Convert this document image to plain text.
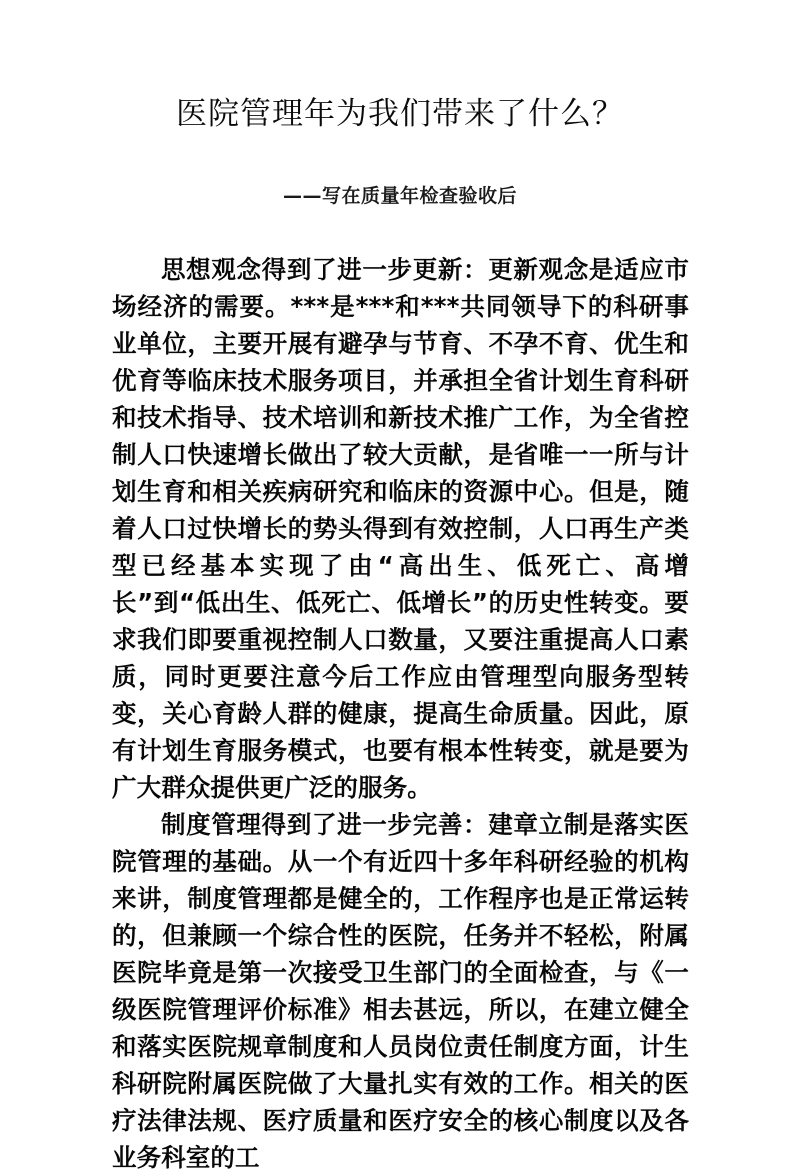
医院管理年为我们带来了什么？
——写在质量年检查验收后

思想观念得到了进一步更新：更新观念是适应市场经济的需要。***是***和***共同领导下的科研事业单位，主要开展有避孕与节育、不孕不育、优生和优育等临床技术服务项目，并承担全省计划生育科研和技术指导、技术培训和新技术推广工作，为全省控制人口快速增长做出了较大贡献，是省唯一一所与计划生育和相关疾病研究和临床的资源中心。但是，随着人口过快增长的势头得到有效控制，人口再生产类型已经基本实现了由“高出生、低死亡、高增长”到“低出生、低死亡、低增长”的历史性转变。要求我们即要重视控制人口数量，又要注重提高人口素质，同时更要注意今后工作应由管理型向服务型转变，关心育龄人群的健康，提高生命质量。因此，原有计划生育服务模式，也要有根本性转变，就是要为广大群众提供更广泛的服务。

制度管理得到了进一步完善：建章立制是落实医院管理的基础。从一个有近四十多年科研经验的机构来讲，制度管理都是健全的，工作程序也是正常运转的，但兼顾一个综合性的医院，任务并不轻松，附属医院毕竟是第一次接受卫生部门的全面检查，与《一级医院管理评价标准》相去甚远，所以，在建立健全和落实医院规章制度和人员岗位责任制度方面，计生科研院附属医院做了大量扎实有效的工作。相关的医疗法律法规、医疗质量和医疗安全的核心制度以及各业务科室的工
